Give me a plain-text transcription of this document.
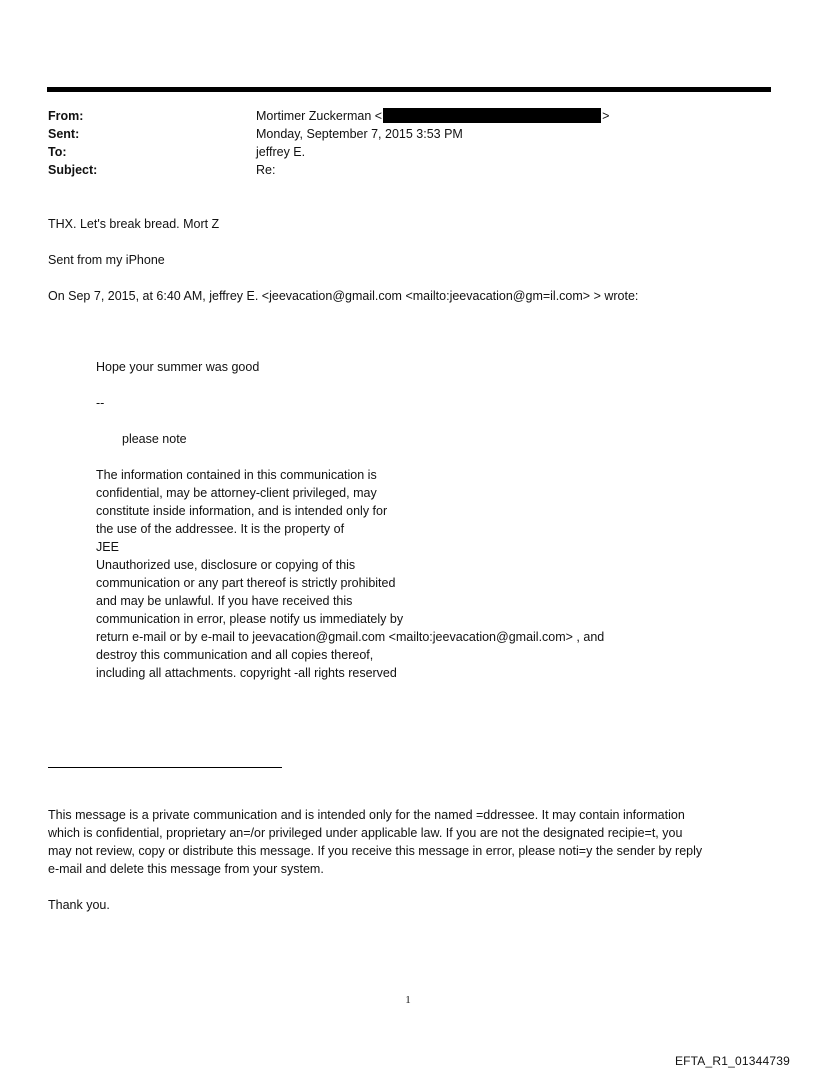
From:	Mortimer Zuckerman <	>
Sent:	Monday, September 7, 2015 3:53 PM
To:	jeffrey E.
Subject:	Re:
THX. Let's break bread. Mort Z
Sent from my iPhone
On Sep 7, 2015, at 6:40 AM, jeffrey E. <jeevacation@gmail.com <mailto:jeevacation@gm=il.com> > wrote:
Hope your summer was good
--
please note
The information contained in this communication is
confidential, may be attorney-client privileged, may
constitute inside information, and is intended only for
the use of the addressee. It is the property of
JEE
Unauthorized use, disclosure or copying of this
communication or any part thereof is strictly prohibited
and may be unlawful. If you have received this
communication in error, please notify us immediately by
return e-mail or by e-mail to jeevacation@gmail.com <mailto:jeevacation@gmail.com> , and
destroy this communication and all copies thereof,
including all attachments. copyright -all rights reserved
This message is a private communication and is intended only for the named =ddressee. It may contain information
which is confidential, proprietary an=/or privileged under applicable law. If you are not the designated recipie=t, you
may not review, copy or distribute this message. If you receive this message in error, please noti=y the sender by reply
e-mail and delete this message from your system.
Thank you.
1
EFTA_R1_01344739
